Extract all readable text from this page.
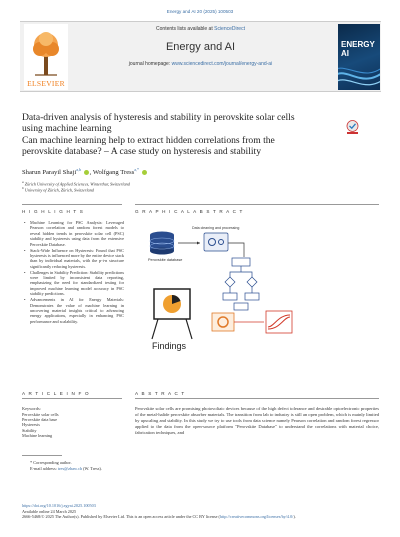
Energy and AI 20 (2025) 100503
ELSEVIER
Contents lists available at ScienceDirect
Energy and AI
journal homepage: www.sciencedirect.com/journal/energy-and-ai
ENERGY
AI
Data-driven analysis of hysteresis and stability in perovskite solar cells
using machine learning
Can machine learning help to extract hidden correlations from the
perovskite database? – A case study on hysteresis and stability
Sharun Parayil Shaji$^{a,b}$ , Wolfgang Tress$^{a,*}$
$^a$ Zürich University of Applied Sciences, Winterthur, Switzerland
$^b$ University of Zürich, Zürich, Switzerland
H I G H L I G H T S	G R A P H I C A L A B S T R A C T
• Machine Learning for PSC Analysis: Leveraged Pearson correlation and random forest models to reveal hidden trends in perovskite solar cell (PSC) stability and hysteresis using data from the extensive Perovskite Database.
• Stack-Wide Influence on Hysteresis: Found that PSC hysteresis is influenced more by the entire device stack than by individual materials, with the p-i-n structure significantly reducing hysteresis.
• Challenges in Stability Prediction: Stability predictions were limited by inconsistent data reporting, emphasizing the need for standardized testing for improved machine learning model accuracy in PSC stability predictions.
• Advancements in AI for Energy Materials: Demonstrates the value of machine learning in uncovering material insights critical to advancing energy applications, especially in enhancing PSC performance and scalability.
Perovskite database
Data cleaning and processing
Findings
A R T I C L E I N F O	A B S T R A C T
Keywords:
Perovskite solar cells
Perovskite data base
Hysteresis
Stability
Machine learning
Perovskite solar cells are promising photovoltaic devices because of the high defect tolerance and desirable optoelectronic properties of the metal-halide perovskite absorber materials. The transition from lab to industry is still an open problem, which is mainly limited by upscaling and stability. In this study we try to use tools from data science namely Pearson correlation and random forest regressor applied to the data from the open-source platform "Perovskite Database" to understand the correlations with material choice, fabrication techniques, and
* Corresponding author.
E-mail address: tres@zhaw.ch (W. Tress).
https://doi.org/10.1016/j.egyai.2025.100503
Available online 24 March 2025
2666-5468/© 2025 The Author(s). Published by Elsevier Ltd. This is an open access article under the CC BY license (http://creativecommons.org/licenses/by/4.0/).
